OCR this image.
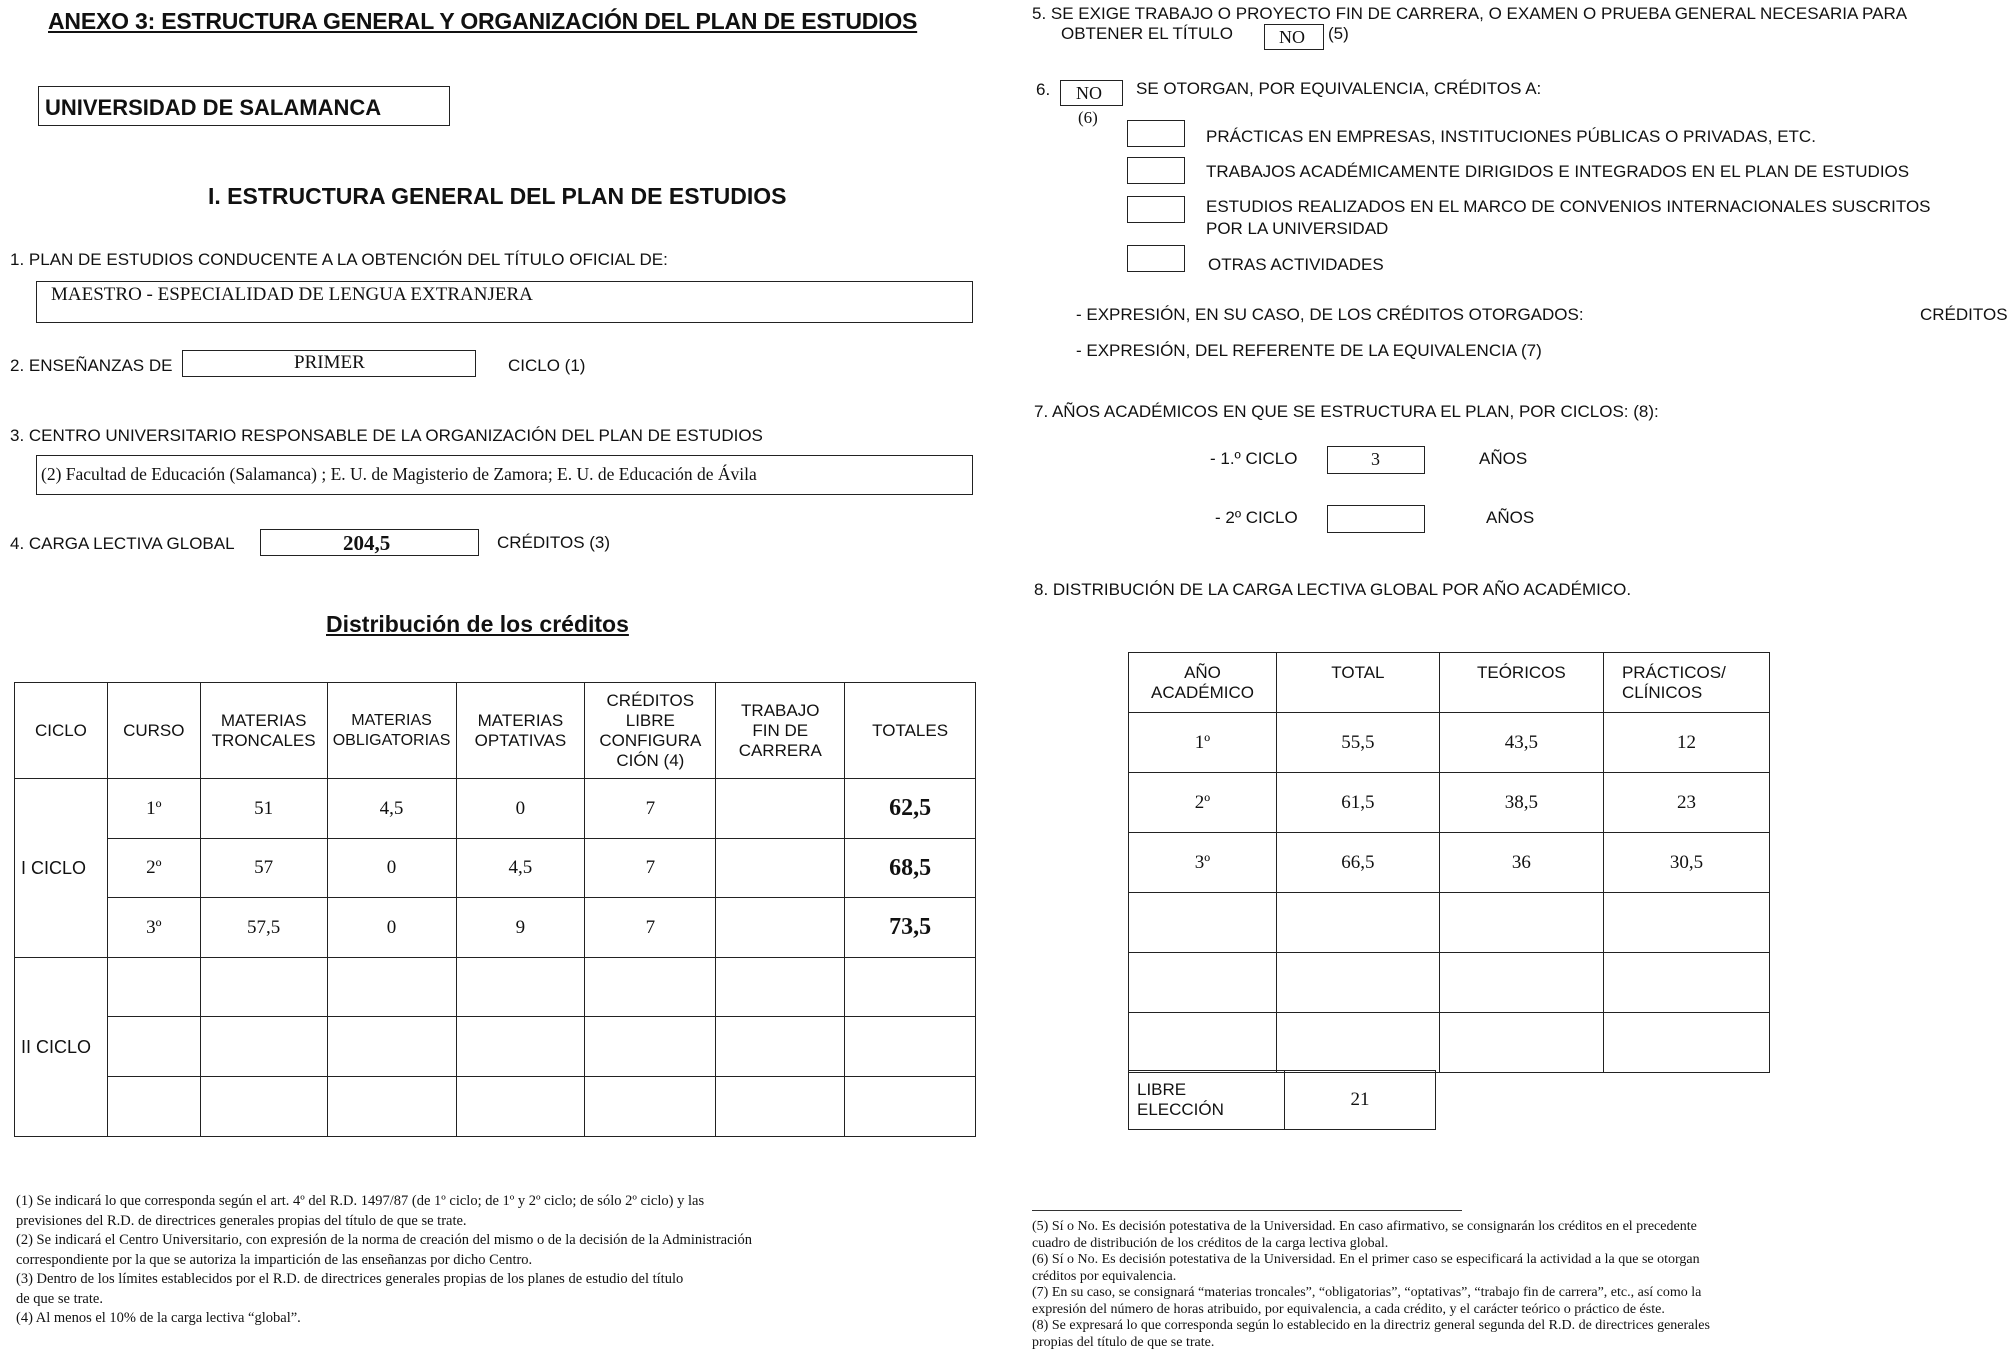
ANEXO 3: ESTRUCTURA GENERAL Y ORGANIZACIÓN DEL PLAN DE ESTUDIOS
UNIVERSIDAD DE SALAMANCA
I. ESTRUCTURA GENERAL DEL PLAN DE ESTUDIOS
1. PLAN DE ESTUDIOS CONDUCENTE A LA OBTENCIÓN DEL TÍTULO OFICIAL DE:
MAESTRO - ESPECIALIDAD DE LENGUA EXTRANJERA
2. ENSEÑANZAS DE	PRIMER	CICLO (1)
3. CENTRO UNIVERSITARIO RESPONSABLE DE LA ORGANIZACIÓN DEL PLAN DE ESTUDIOS
(2) Facultad de Educación (Salamanca) ; E. U. de Magisterio de Zamora; E. U. de Educación de Ávila
4. CARGA LECTIVA GLOBAL	204,5	CRÉDITOS (3)
Distribución de los créditos
CICLO	CURSO	MATERIAS TRONCALES	MATERIAS OBLIGATORIAS	MATERIAS OPTATIVAS	CRÉDITOS LIBRE CONFIGURA CIÓN (4)	TRABAJO FIN DE CARRERA	TOTALES
I CICLO	1º	51	4,5	0	7		62,5
	2º	57	0	4,5	7		68,5
	3º	57,5	0	9	7		73,5
II CICLO							

(1) Se indicará lo que corresponda según el art. 4º del R.D. 1497/87 (de 1º ciclo; de 1º y 2º ciclo; de sólo 2º ciclo) y las
previsiones del R.D. de directrices generales propias del título de que se trate.
(2) Se indicará el Centro Universitario, con expresión de la norma de creación del mismo o de la decisión de la Administración
correspondiente por la que se autoriza la impartición de las enseñanzas por dicho Centro.
(3) Dentro de los límites establecidos por el R.D. de directrices generales propias de los planes de estudio del título
de que se trate.
(4) Al menos el 10% de la carga lectiva “global”.
5. SE EXIGE TRABAJO O PROYECTO FIN DE CARRERA, O EXAMEN O PRUEBA GENERAL NECESARIA PARA
OBTENER EL TÍTULO	NO (5)
6. NO SE OTORGAN, POR EQUIVALENCIA, CRÉDITOS A:
(6)
PRÁCTICAS EN EMPRESAS, INSTITUCIONES PÚBLICAS O PRIVADAS, ETC.
TRABAJOS ACADÉMICAMENTE DIRIGIDOS E INTEGRADOS EN EL PLAN DE ESTUDIOS
ESTUDIOS REALIZADOS EN EL MARCO DE CONVENIOS INTERNACIONALES SUSCRITOS
POR LA UNIVERSIDAD
OTRAS ACTIVIDADES
- EXPRESIÓN, EN SU CASO, DE LOS CRÉDITOS OTORGADOS:	CRÉDITOS
- EXPRESIÓN, DEL REFERENTE DE LA EQUIVALENCIA (7)
7. AÑOS ACADÉMICOS EN QUE SE ESTRUCTURA EL PLAN, POR CICLOS: (8):
- 1.º CICLO	3	AÑOS
- 2º CICLO	AÑOS
8. DISTRIBUCIÓN DE LA CARGA LECTIVA GLOBAL POR AÑO ACADÉMICO.
AÑO ACADÉMICO	TOTAL	TEÓRICOS	PRÁCTICOS/ CLÍNICOS
1º	55,5	43,5	12
2º	61,5	38,5	23
3º	66,5	36	30,5

LIBRE ELECCIÓN	21
(5) Sí o No. Es decisión potestativa de la Universidad. En caso afirmativo, se consignarán los créditos en el precedente
cuadro de distribución de los créditos de la carga lectiva global.
(6) Sí o No. Es decisión potestativa de la Universidad. En el primer caso se especificará la actividad a la que se otorgan
créditos por equivalencia.
(7) En su caso, se consignará “materias troncales”, “obligatorias”, “optativas”, “trabajo fin de carrera”, etc., así como la
expresión del número de horas atribuido, por equivalencia, a cada crédito, y el carácter teórico o práctico de éste.
(8) Se expresará lo que corresponda según lo establecido en la directriz general segunda del R.D. de directrices generales
propias del título de que se trate.
